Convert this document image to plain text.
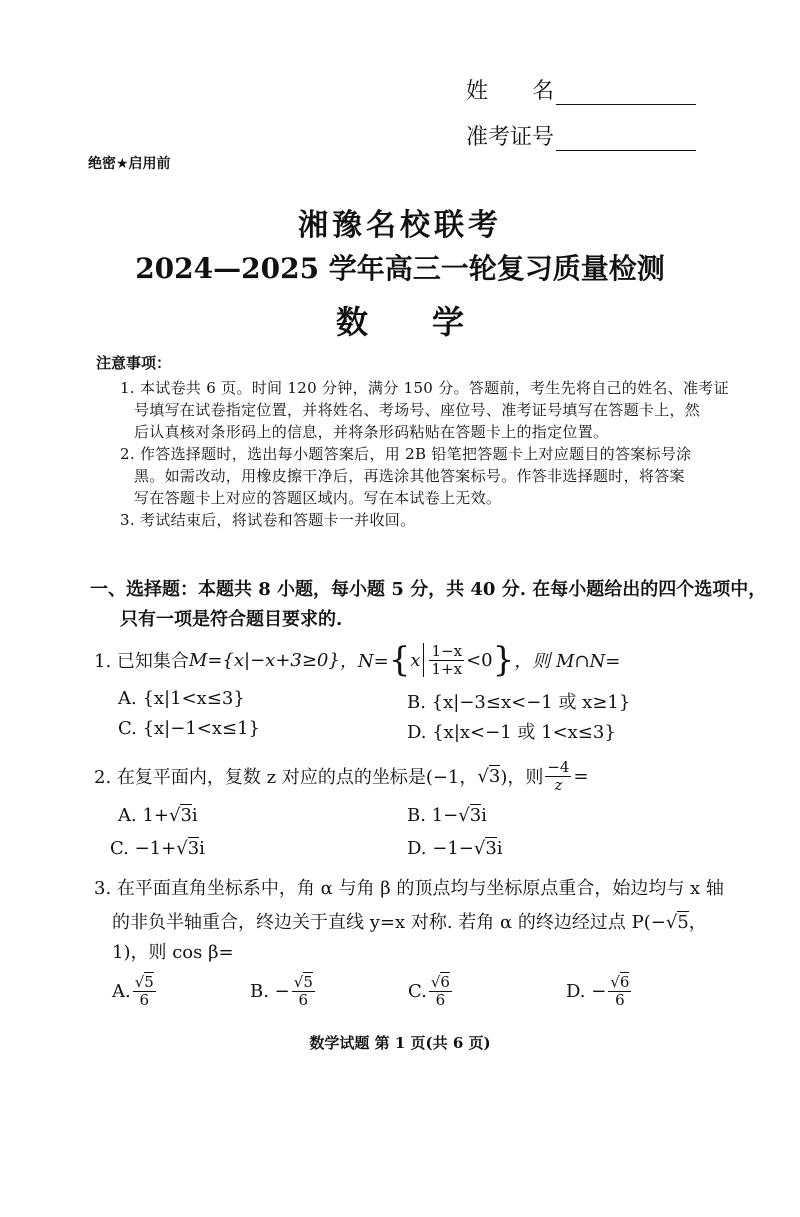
姓　　名
准考证号
绝密★启用前
湘豫名校联考
2024—2025 学年高三一轮复习质量检测
数　　学
注意事项：
1. 本试卷共 6 页。时间 120 分钟，满分 150 分。答题前，考生先将自己的姓名、准考证
号填写在试卷指定位置，并将姓名、考场号、座位号、准考证号填写在答题卡上，然
后认真核对条形码上的信息，并将条形码粘贴在答题卡上的指定位置。
2. 作答选择题时，选出每小题答案后，用 2B 铅笔把答题卡上对应题目的答案标号涂
黑。如需改动，用橡皮擦干净后，再选涂其他答案标号。作答非选择题时，将答案
写在答题卡上对应的答题区域内。写在本试卷上无效。
3. 考试结束后，将试卷和答题卡一并收回。
一、选择题：本题共 8 小题，每小题 5 分，共 40 分. 在每小题给出的四个选项中，
只有一项是符合题目要求的.
1. 已知集合 M={x|−x+3≥0} ，N= { x $\frac{1-x}{1+x} <0$ } ，则 M∩N=
A. {x|1<x≤3}	B. {x|−3≤x<−1 或 x≥1}
C. {x|−1<x≤1}	D. {x|x<−1 或 1<x≤3}
2. 在复平面内，复数 z 对应的点的坐标是(−1， √ 3 )，则 $\frac{-4}{z}$ =
A. 1+√3i	B. 1−√3i
C. −1+√3i	D. −1−√3i
3. 在平面直角坐标系中，角 α 与角 β 的顶点均与坐标原点重合，始边均与 x 轴
的非负半轴重合，终边关于直线 y=x 对称. 若角 α 的终边经过点 P(−√5，
1)，则 cos β=
A. $\frac{√5}{6}$	B. − $\frac{√5}{6}$	C. $\frac{√6}{6}$	D. − $\frac{√6}{6}$
数学试题 第 1 页(共 6 页)
